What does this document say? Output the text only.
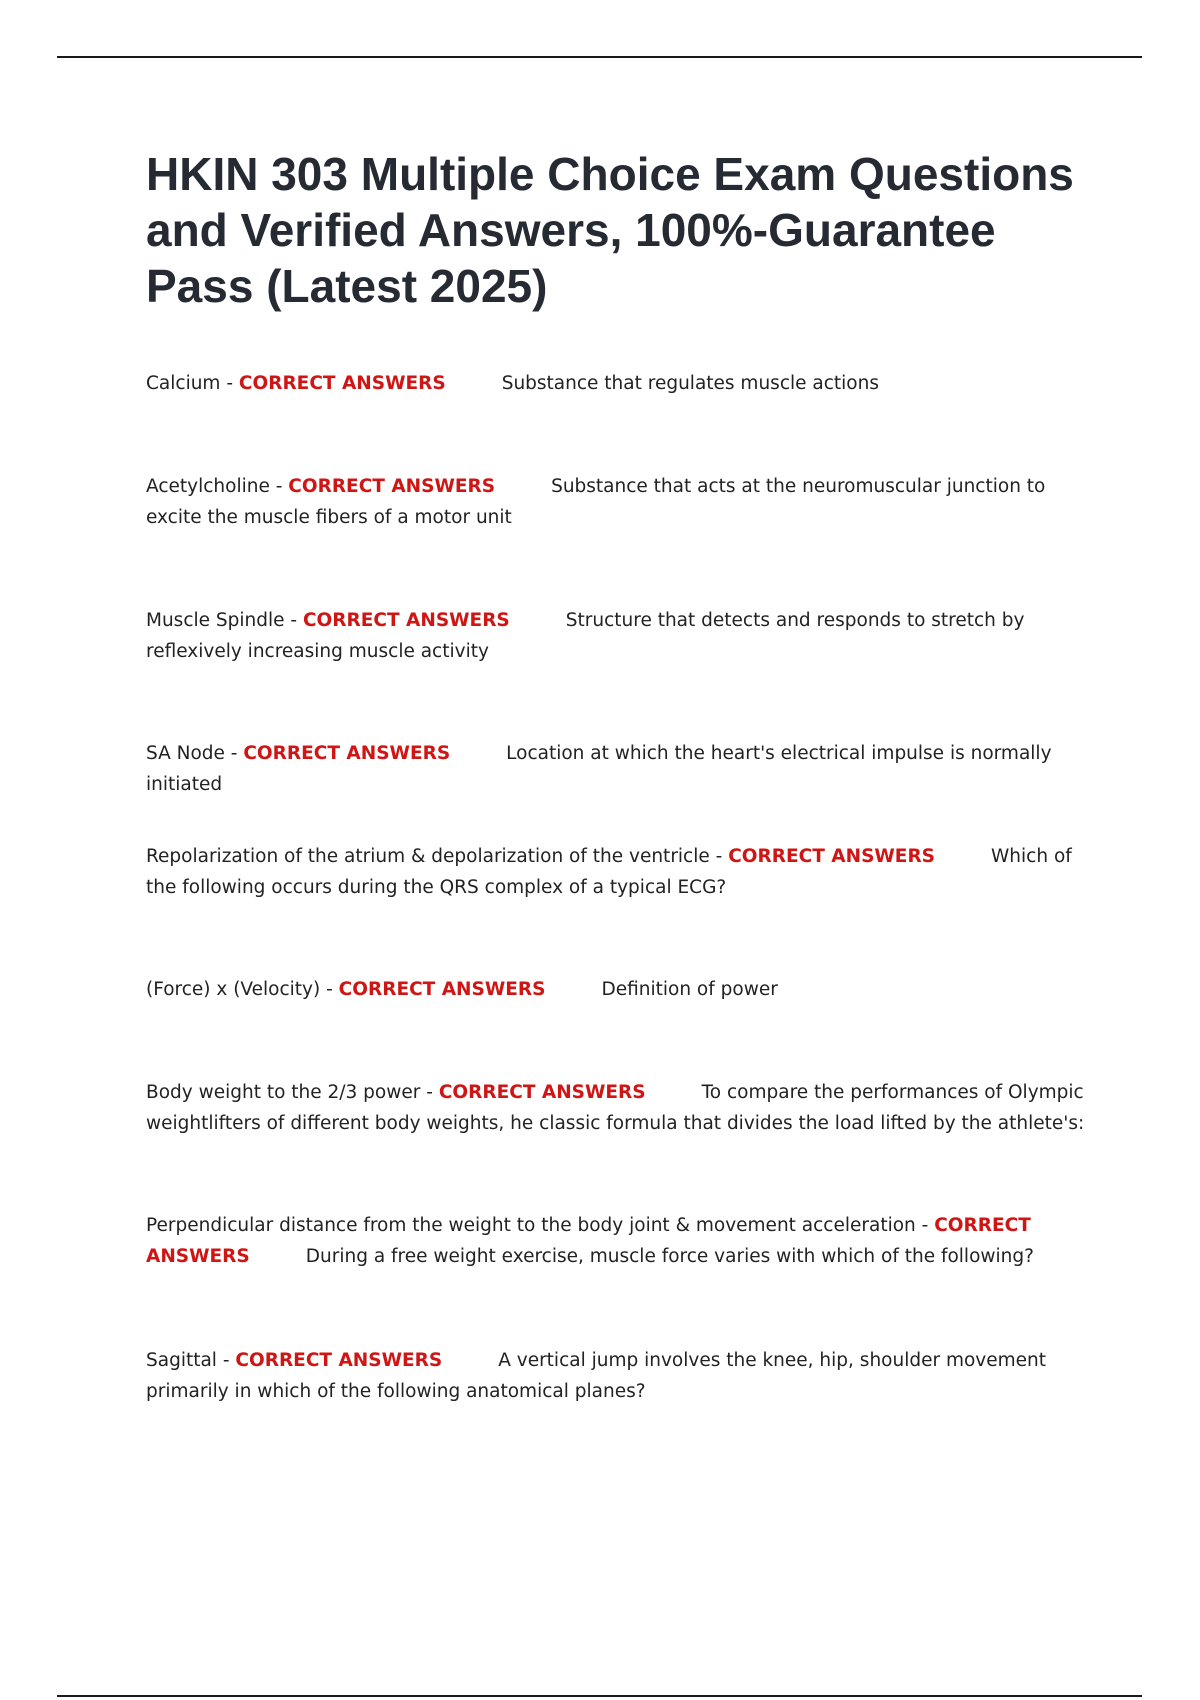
HKIN 303 Multiple Choice Exam Questions and Verified Answers, 100%-Guarantee Pass (Latest 2025)

Calcium - CORRECT ANSWERS	Substance that regulates muscle actions

Acetylcholine - CORRECT ANSWERS	Substance that acts at the neuromuscular junction to excite the muscle fibers of a motor unit

Muscle Spindle - CORRECT ANSWERS	Structure that detects and responds to stretch by reflexively increasing muscle activity

SA Node - CORRECT ANSWERS	Location at which the heart's electrical impulse is normally initiated

Repolarization of the atrium & depolarization of the ventricle - CORRECT ANSWERS	Which of the following occurs during the QRS complex of a typical ECG?

(Force) x (Velocity) - CORRECT ANSWERS	Definition of power

Body weight to the 2/3 power - CORRECT ANSWERS	To compare the performances of Olympic weightlifters of different body weights, he classic formula that divides the load lifted by the athlete's:

Perpendicular distance from the weight to the body joint & movement acceleration - CORRECT ANSWERS	During a free weight exercise, muscle force varies with which of the following?

Sagittal - CORRECT ANSWERS	A vertical jump involves the knee, hip, shoulder movement primarily in which of the following anatomical planes?
